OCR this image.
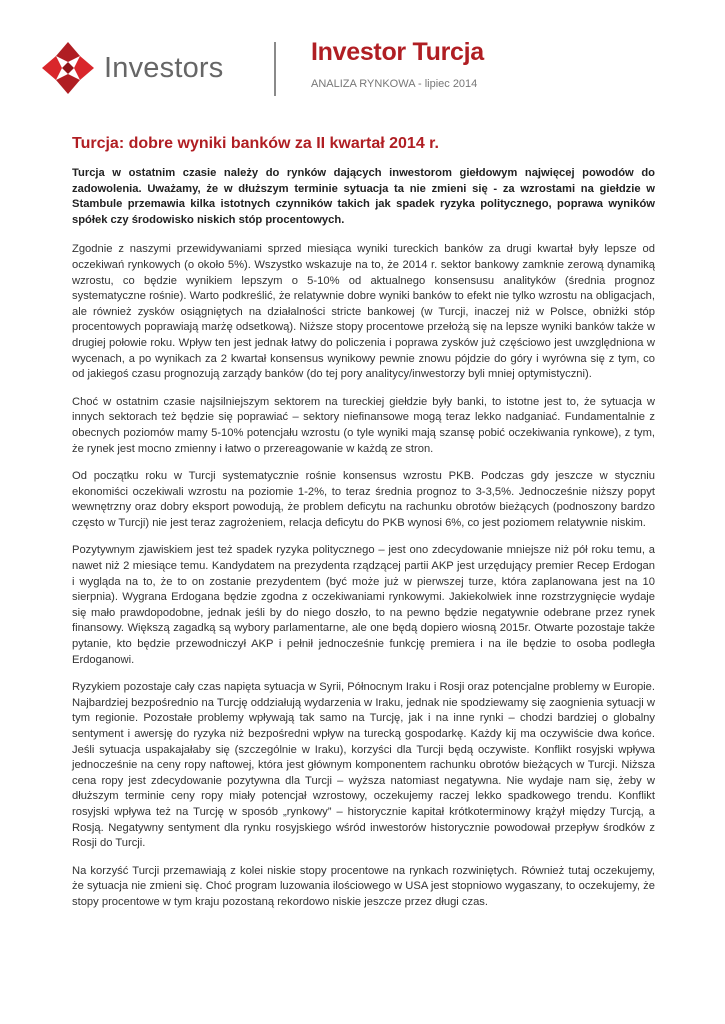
Investors	Investor Turcja
ANALIZA RYNKOWA - lipiec 2014
Turcja: dobre wyniki banków za II kwartał 2014 r.

Turcja w ostatnim czasie należy do rynków dających inwestorom giełdowym najwięcej powodów do zadowolenia. Uważamy, że w dłuższym terminie sytuacja ta nie zmieni się - za wzrostami na giełdzie w Stambule przemawia kilka istotnych czynników takich jak spadek ryzyka politycznego, poprawa wyników spółek czy środowisko niskich stóp procentowych.

Zgodnie z naszymi przewidywaniami sprzed miesiąca wyniki tureckich banków za drugi kwartał były lepsze od oczekiwań rynkowych (o około 5%). Wszystko wskazuje na to, że 2014 r. sektor bankowy zamknie zerową dynamiką wzrostu, co będzie wynikiem lepszym o 5-10% od aktualnego konsensusu analityków (średnia prognoz systematyczne rośnie). Warto podkreślić, że relatywnie dobre wyniki banków to efekt nie tylko wzrostu na obligacjach, ale również zysków osiągniętych na działalności stricte bankowej (w Turcji, inaczej niż w Polsce, obniżki stóp procentowych poprawiają marżę odsetkową). Niższe stopy procentowe przełożą się na lepsze wyniki banków także w drugiej połowie roku. Wpływ ten jest jednak łatwy do policzenia i poprawa zysków już częściowo jest uwzględniona w wycenach, a po wynikach za 2 kwartał konsensus wynikowy pewnie znowu pójdzie do góry i wyrówna się z tym, co od jakiegoś czasu prognozują zarządy banków (do tej pory analitycy/inwestorzy byli mniej optymistyczni).

Choć w ostatnim czasie najsilniejszym sektorem na tureckiej giełdzie były banki, to istotne jest to, że sytuacja w innych sektorach też będzie się poprawiać – sektory niefinansowe mogą teraz lekko nadganiać. Fundamentalnie z obecnych poziomów mamy 5-10% potencjału wzrostu (o tyle wyniki mają szansę pobić oczekiwania rynkowe), z tym, że rynek jest mocno zmienny i łatwo o przereagowanie w każdą ze stron.

Od początku roku w Turcji systematycznie rośnie konsensus wzrostu PKB. Podczas gdy jeszcze w styczniu ekonomiści oczekiwali wzrostu na poziomie 1-2%, to teraz średnia prognoz to 3-3,5%. Jednocześnie niższy popyt wewnętrzny oraz dobry eksport powodują, że problem deficytu na rachunku obrotów bieżących (podnoszony bardzo często w Turcji) nie jest teraz zagrożeniem, relacja deficytu do PKB wynosi 6%, co jest poziomem relatywnie niskim.

Pozytywnym zjawiskiem jest też spadek ryzyka politycznego – jest ono zdecydowanie mniejsze niż pół roku temu, a nawet niż 2 miesiące temu. Kandydatem na prezydenta rządzącej partii AKP jest urzędujący premier Recep Erdogan i wygląda na to, że to on zostanie prezydentem (być może już w pierwszej turze, która zaplanowana jest na 10 sierpnia). Wygrana Erdogana będzie zgodna z oczekiwaniami rynkowymi. Jakiekolwiek inne rozstrzygnięcie wydaje się mało prawdopodobne, jednak jeśli by do niego doszło, to na pewno będzie negatywnie odebrane przez rynek finansowy. Większą zagadką są wybory parlamentarne, ale one będą dopiero wiosną 2015r. Otwarte pozostaje także pytanie, kto będzie przewodniczył AKP i pełnił jednocześnie funkcję premiera i na ile będzie to osoba podległa Erdoganowi.

Ryzykiem pozostaje cały czas napięta sytuacja w Syrii, Północnym Iraku i Rosji oraz potencjalne problemy w Europie. Najbardziej bezpośrednio na Turcję oddziałują wydarzenia w Iraku, jednak nie spodziewamy się zaognienia sytuacji w tym regionie. Pozostałe problemy wpływają tak samo na Turcję, jak i na inne rynki – chodzi bardziej o globalny sentyment i awersję do ryzyka niż bezpośredni wpływ na turecką gospodarkę. Każdy kij ma oczywiście dwa końce. Jeśli sytuacja uspakajałaby się (szczególnie w Iraku), korzyści dla Turcji będą oczywiste. Konflikt rosyjski wpływa jednocześnie na ceny ropy naftowej, która jest głównym komponentem rachunku obrotów bieżących w Turcji. Niższa cena ropy jest zdecydowanie pozytywna dla Turcji – wyższa natomiast negatywna. Nie wydaje nam się, żeby w dłuższym terminie ceny ropy miały potencjał wzrostowy, oczekujemy raczej lekko spadkowego trendu. Konflikt rosyjski wpływa też na Turcję w sposób „rynkowy” – historycznie kapitał krótkoterminowy krążył między Turcją, a Rosją. Negatywny sentyment dla rynku rosyjskiego wśród inwestorów historycznie powodował przepływ środków z Rosji do Turcji.

Na korzyść Turcji przemawiają z kolei niskie stopy procentowe na rynkach rozwiniętych. Również tutaj oczekujemy, że sytuacja nie zmieni się. Choć program luzowania ilościowego w USA jest stopniowo wygaszany, to oczekujemy, że stopy procentowe w tym kraju pozostaną rekordowo niskie jeszcze przez długi czas.
